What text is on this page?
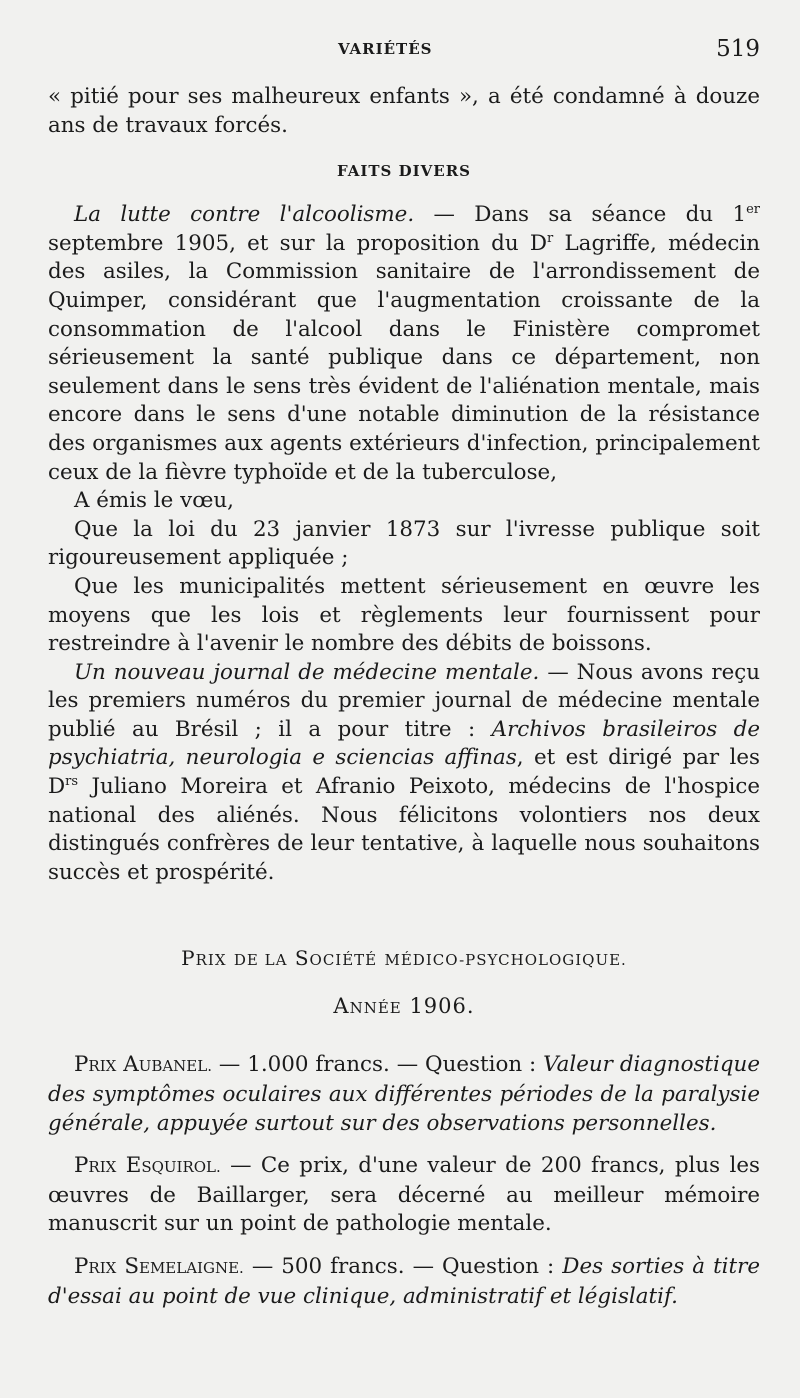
VARIÉTÉS	519

« pitié pour ses malheureux enfants », a été condamné à douze ans de travaux forcés.

FAITS DIVERS

La lutte contre l'alcoolisme. — Dans sa séance du 1er septembre 1905, et sur la proposition du $D^r$ Lagriffe, médecin des asiles, la Commission sanitaire de l'arrondissement de Quimper, considérant que l'augmentation croissante de la consommation de l'alcool dans le Finistère compromet sérieusement la santé publique dans ce département, non seulement dans le sens très évident de l'aliénation mentale, mais encore dans le sens d'une notable diminution de la résistance des organismes aux agents extérieurs d'infection, principalement ceux de la fièvre typhoïde et de la tuberculose,

A émis le vœu,

Que la loi du 23 janvier 1873 sur l'ivresse publique soit rigoureusement appliquée ;

Que les municipalités mettent sérieusement en œuvre les moyens que les lois et règlements leur fournissent pour restreindre à l'avenir le nombre des débits de boissons.

Un nouveau journal de médecine mentale. — Nous avons reçu les premiers numéros du premier journal de médecine mentale publié au Brésil ; il a pour titre : Archivos brasileiros de psychiatria, neurologia e sciencias affinas, et est dirigé par les $D^{rs}$ Juliano Moreira et Afranio Peixoto, médecins de l'hospice national des aliénés. Nous félicitons volontiers nos deux distingués confrères de leur tentative, à laquelle nous souhaitons succès et prospérité.

PRIX DE LA SOCIÉTÉ MÉDICO-PSYCHOLOGIQUE.
ANNÉE 1906.

PRIX AUBANEL. — 1.000 francs. — Question : Valeur diagnostique des symptômes oculaires aux différentes périodes de la paralysie générale, appuyée surtout sur des observations personnelles.

PRIX ESQUIROL. — Ce prix, d'une valeur de 200 francs, plus les œuvres de Baillarger, sera décerné au meilleur mémoire manuscrit sur un point de pathologie mentale.

PRIX SEMELAIGNE. — 500 francs. — Question : Des sorties à titre d'essai au point de vue clinique, administratif et législatif.
